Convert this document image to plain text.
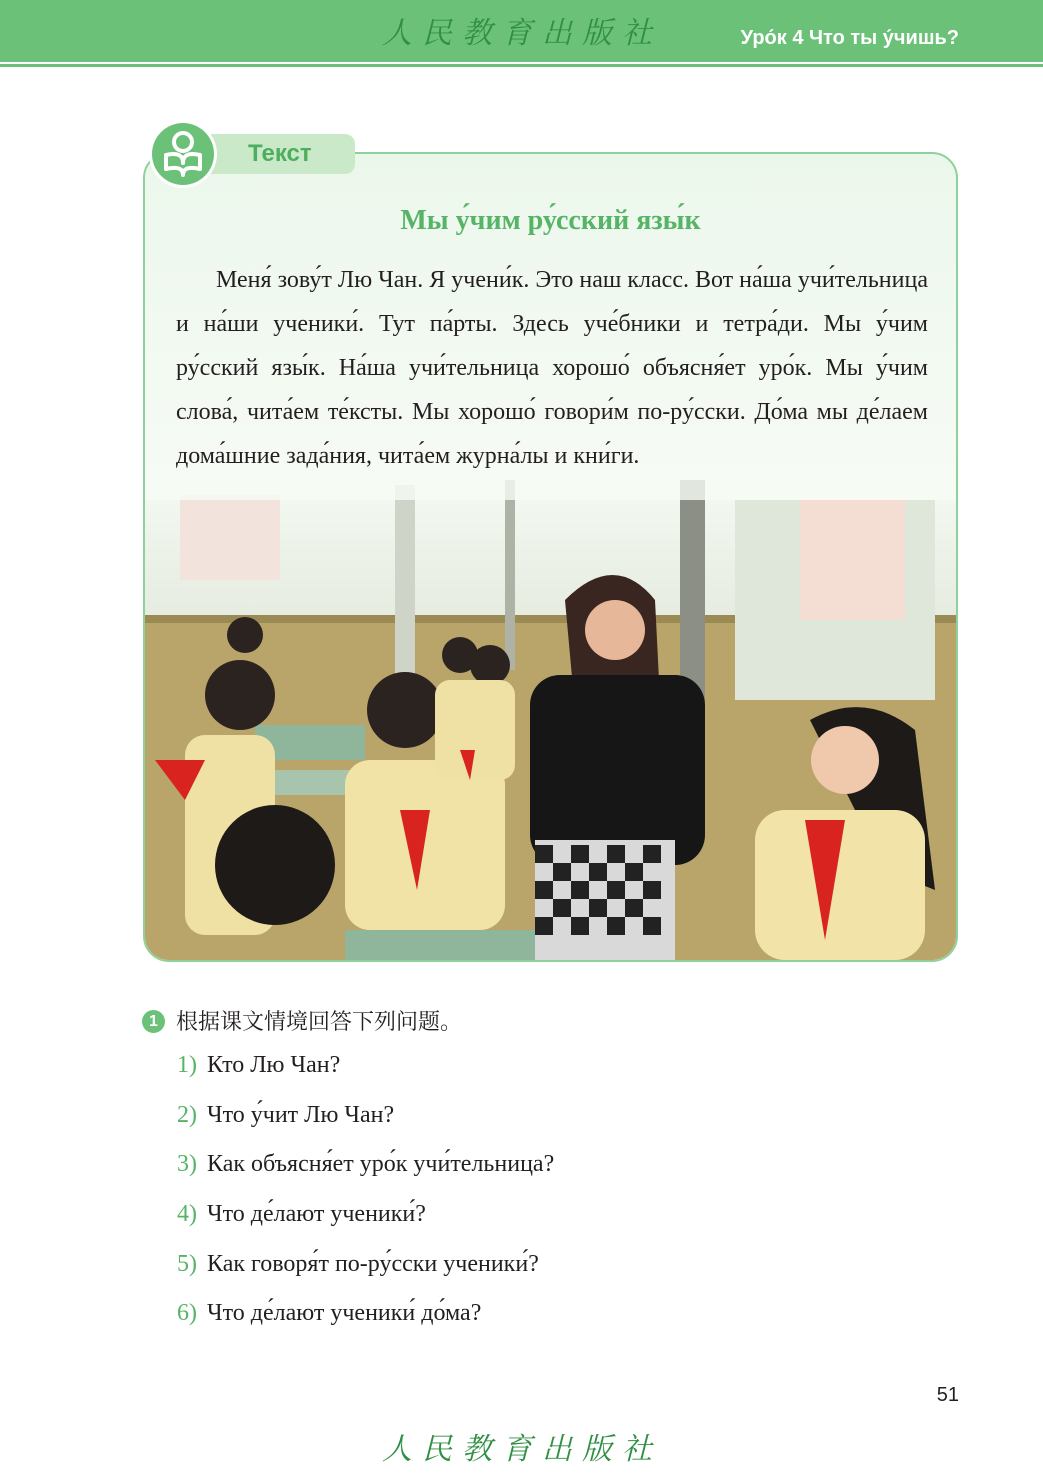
人民教育出版社	Уро́к 4 Что ты у́чишь?
Текст
Мы у́чим ру́сский язы́к
Меня́ зову́т Лю Чан. Я учени́к. Это наш класс. Вот на́ша учи́тельница и на́ши ученики́. Тут па́рты. Здесь уче́бники и тетра́ди. Мы у́чим ру́сский язы́к. На́ша учи́тельница хорошо́ объясня́ет уро́к. Мы у́чим слова́, чита́ем те́ксты. Мы хорошо́ говори́м по-ру́сски. До́ма мы де́лаем дома́шние зада́ния, чита́ем журна́лы и кни́ги.
1 根据课文情境回答下列问题。
1) Кто Лю Чан?
2) Что у́чит Лю Чан?
3) Как объясня́ет уро́к учи́тельница?
4) Что де́лают ученики́?
5) Как говоря́т по-ру́сски ученики́?
6) Что де́лают ученики́ до́ма?
51
人民教育出版社
